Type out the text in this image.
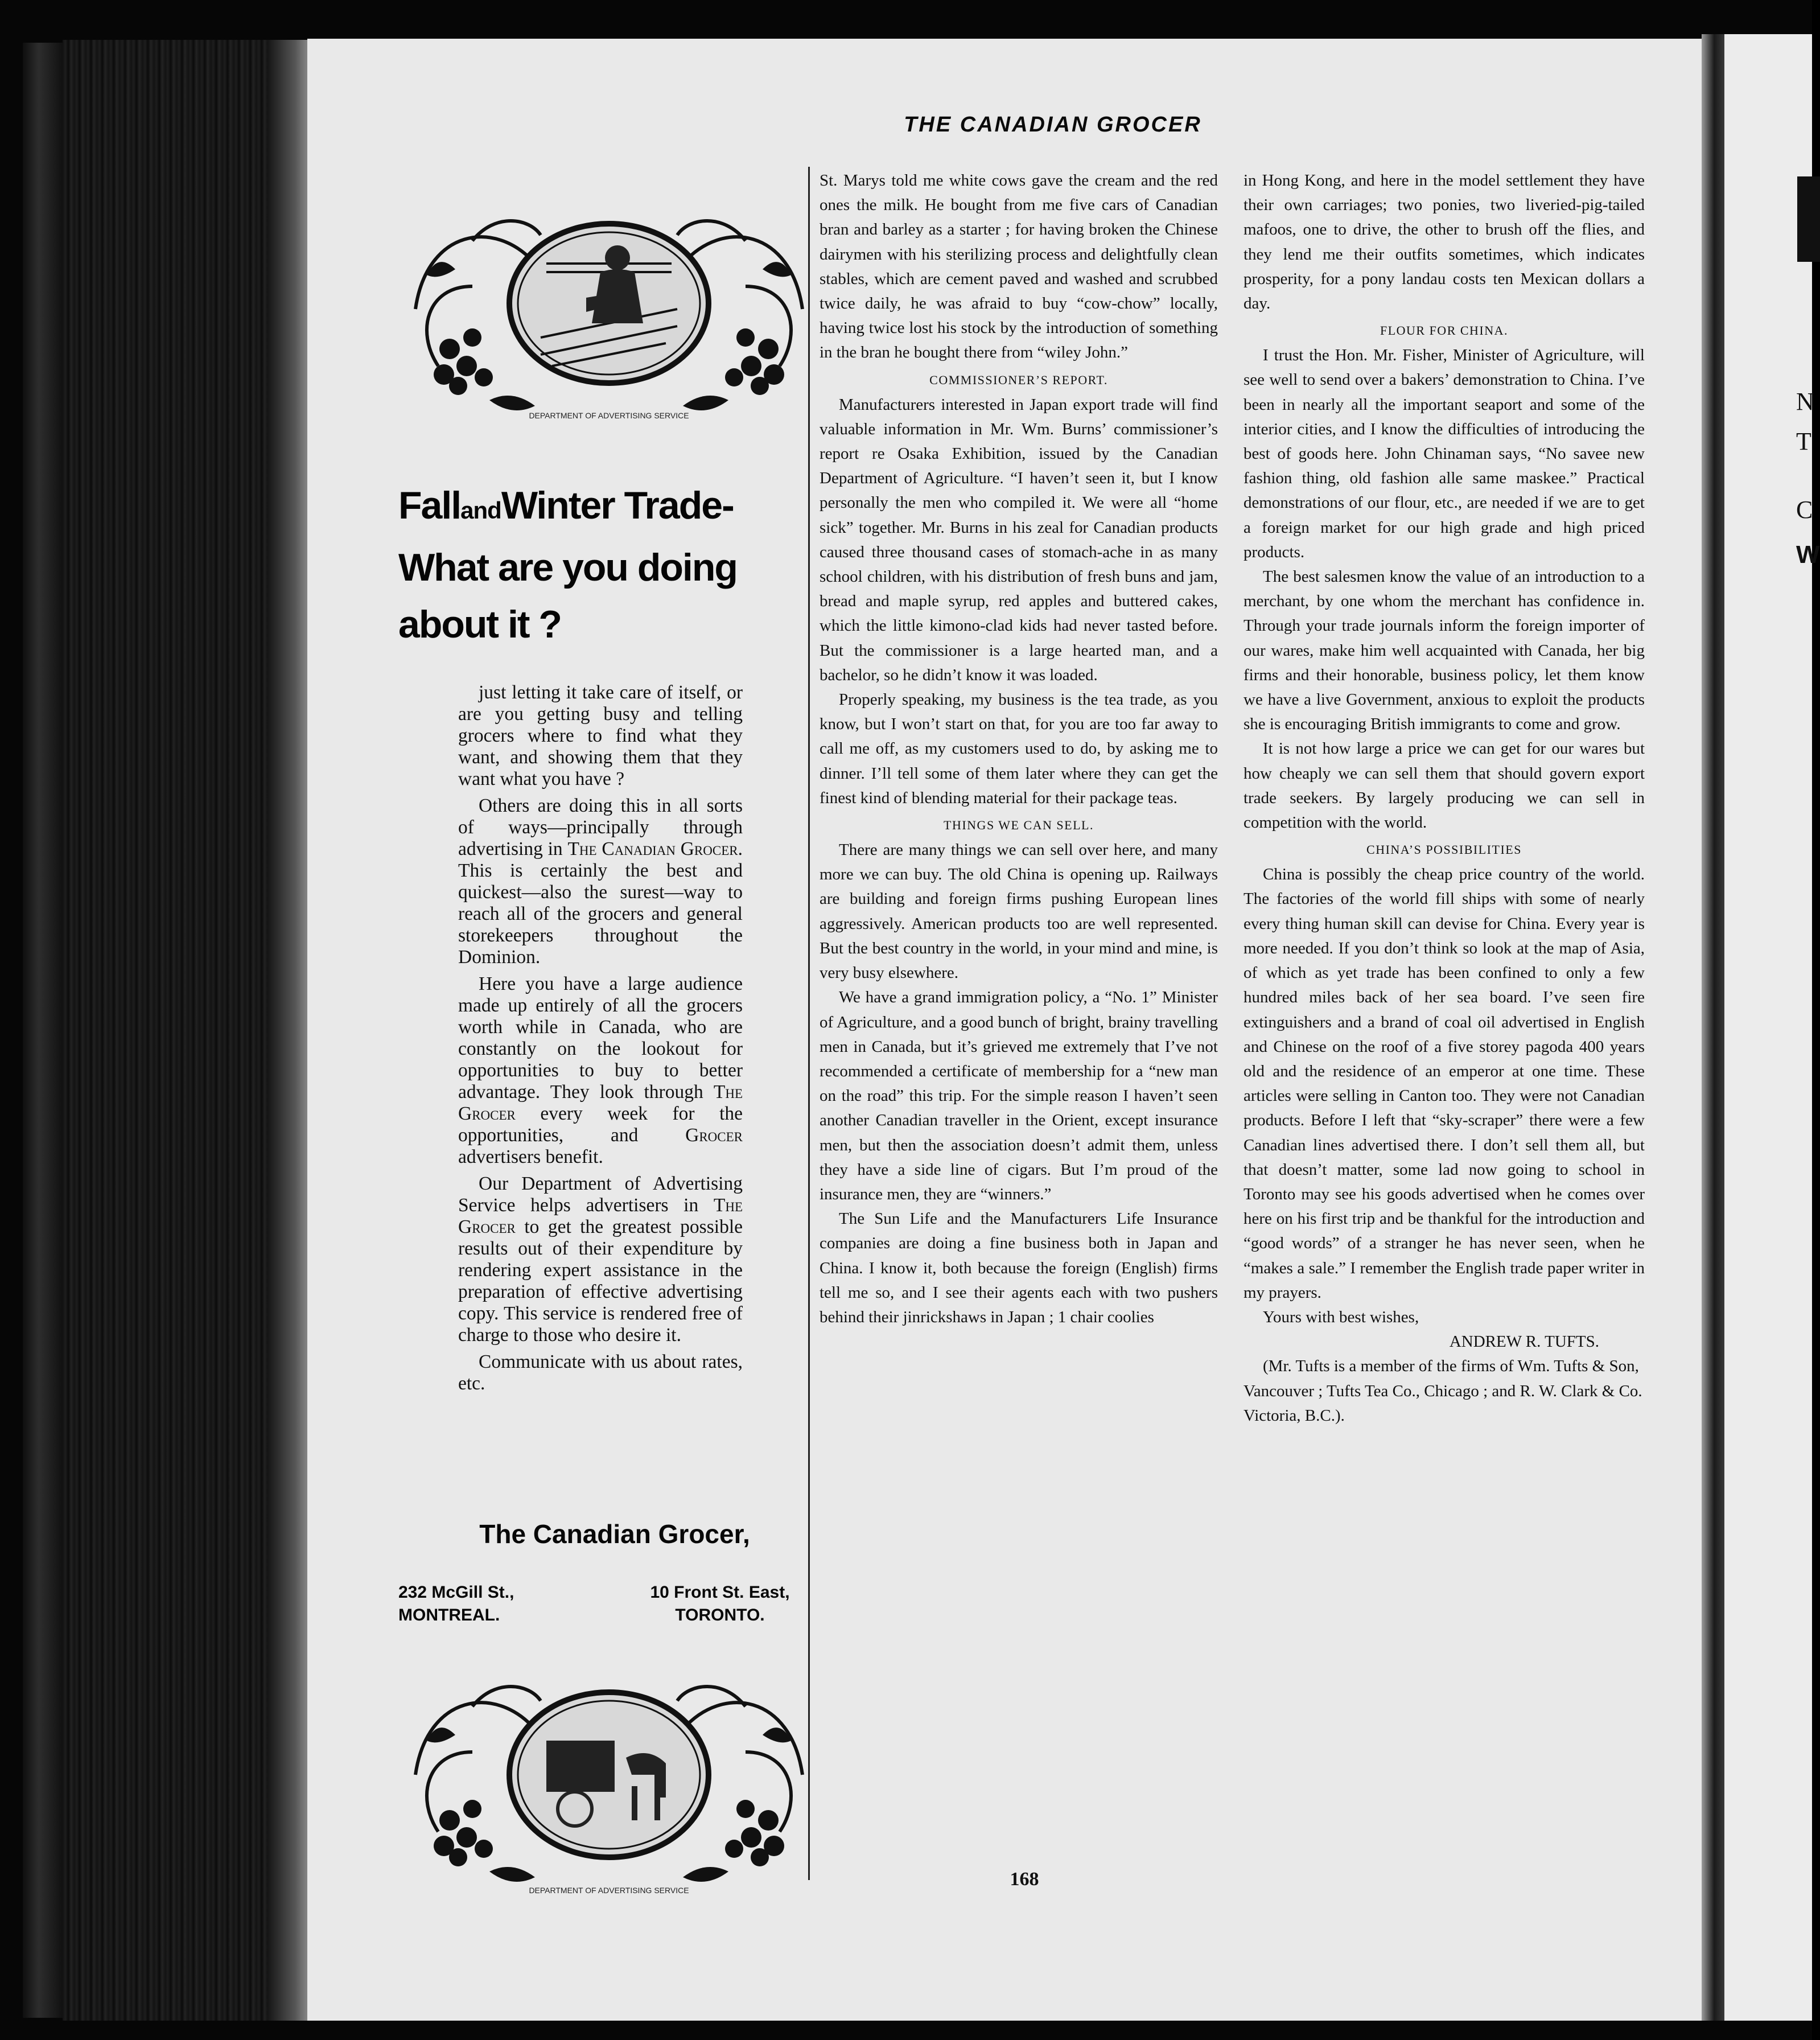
N
T
C
W
THE CANADIAN GROCER
DEPARTMENT OF ADVERTISING SERVICE
FallandWinter Trade-
What are you doing
about it ?

just letting it take care of itself, or are you getting busy and telling grocers where to find what they want, and showing them that they want what you have ?

Others are doing this in all sorts of ways—principally through advertising in The Canadian Grocer. This is certainly the best and quickest—also the surest—way to reach all of the grocers and general storekeepers throughout the Dominion.

Here you have a large audience made up entirely of all the grocers worth while in Canada, who are constantly on the lookout for opportunities to buy to better advantage. They look through The Grocer every week for the opportunities, and Grocer advertisers benefit.

Our Department of Advertising Service helps advertisers in The Grocer to get the greatest possible results out of their expenditure by rendering expert assistance in the preparation of effective advertising copy. This service is rendered free of charge to those who desire it.

Communicate with us about rates, etc.

The Canadian Grocer,
232 McGill St.,
MONTREAL.
10 Front St. East,
TORONTO.
DEPARTMENT OF ADVERTISING SERVICE

St. Marys told me white cows gave the cream and the red ones the milk. He bought from me five cars of Canadian bran and barley as a starter ; for having broken the Chinese dairymen with his sterilizing process and delightfully clean stables, which are cement paved and washed and scrubbed twice daily, he was afraid to buy “cow-chow” locally, having twice lost his stock by the introduction of something in the bran he bought there from “wiley John.”

COMMISSIONER’S REPORT.

Manufacturers interested in Japan export trade will find valuable information in Mr. Wm. Burns’ commissioner’s report re Osaka Exhibition, issued by the Canadian Department of Agriculture. “I haven’t seen it, but I know personally the men who compiled it. We were all “home sick” together. Mr. Burns in his zeal for Canadian products caused three thousand cases of stomach-ache in as many school children, with his distribution of fresh buns and jam, bread and maple syrup, red apples and buttered cakes, which the little kimono-clad kids had never tasted before. But the commissioner is a large hearted man, and a bachelor, so he didn’t know it was loaded.

Properly speaking, my business is the tea trade, as you know, but I won’t start on that, for you are too far away to call me off, as my customers used to do, by asking me to dinner. I’ll tell some of them later where they can get the finest kind of blending material for their package teas.

THINGS WE CAN SELL.

There are many things we can sell over here, and many more we can buy. The old China is opening up. Railways are building and foreign firms pushing European lines aggressively. American products too are well represented. But the best country in the world, in your mind and mine, is very busy elsewhere.

We have a grand immigration policy, a “No. 1” Minister of Agriculture, and a good bunch of bright, brainy travelling men in Canada, but it’s grieved me extremely that I’ve not recommended a certificate of membership for a “new man on the road” this trip. For the simple reason I haven’t seen another Canadian traveller in the Orient, except insurance men, but then the association doesn’t admit them, unless they have a side line of cigars. But I’m proud of the insurance men, they are “winners.”

The Sun Life and the Manufacturers Life Insurance companies are doing a fine business both in Japan and China. I know it, both because the foreign (English) firms tell me so, and I see their agents each with two pushers behind their jinrickshaws in Japan ; 1 chair coolies

in Hong Kong, and here in the model settlement they have their own carriages; two ponies, two liveried-pig-tailed mafoos, one to drive, the other to brush off the flies, and they lend me their outfits sometimes, which indicates prosperity, for a pony landau costs ten Mexican dollars a day.

FLOUR FOR CHINA.

I trust the Hon. Mr. Fisher, Minister of Agriculture, will see well to send over a bakers’ demonstration to China. I’ve been in nearly all the important seaport and some of the interior cities, and I know the difficulties of introducing the best of goods here. John Chinaman says, “No savee new fashion thing, old fashion alle same maskee.” Practical demonstrations of our flour, etc., are needed if we are to get a foreign market for our high grade and high priced products.

The best salesmen know the value of an introduction to a merchant, by one whom the merchant has confidence in. Through your trade journals inform the foreign importer of our wares, make him well acquainted with Canada, her big firms and their honorable, business policy, let them know we have a live Government, anxious to exploit the products she is encouraging British immigrants to come and grow.

It is not how large a price we can get for our wares but how cheaply we can sell them that should govern export trade seekers. By largely producing we can sell in competition with the world.

CHINA’S POSSIBILITIES

China is possibly the cheap price country of the world. The factories of the world fill ships with some of nearly every thing human skill can devise for China. Every year is more needed. If you don’t think so look at the map of Asia, of which as yet trade has been confined to only a few hundred miles back of her sea board. I’ve seen fire extinguishers and a brand of coal oil advertised in English and Chinese on the roof of a five storey pagoda 400 years old and the residence of an emperor at one time. These articles were selling in Canton too. They were not Canadian products. Before I left that “sky-scraper” there were a few Canadian lines advertised there. I don’t sell them all, but that doesn’t matter, some lad now going to school in Toronto may see his goods advertised when he comes over here on his first trip and be thankful for the introduction and “good words” of a stranger he has never seen, when he “makes a sale.” I remember the English trade paper writer in my prayers.

Yours with best wishes,

ANDREW R. TUFTS.

(Mr. Tufts is a member of the firms of Wm. Tufts & Son, Vancouver ; Tufts Tea Co., Chicago ; and R. W. Clark & Co. Victoria, B.C.).

168
